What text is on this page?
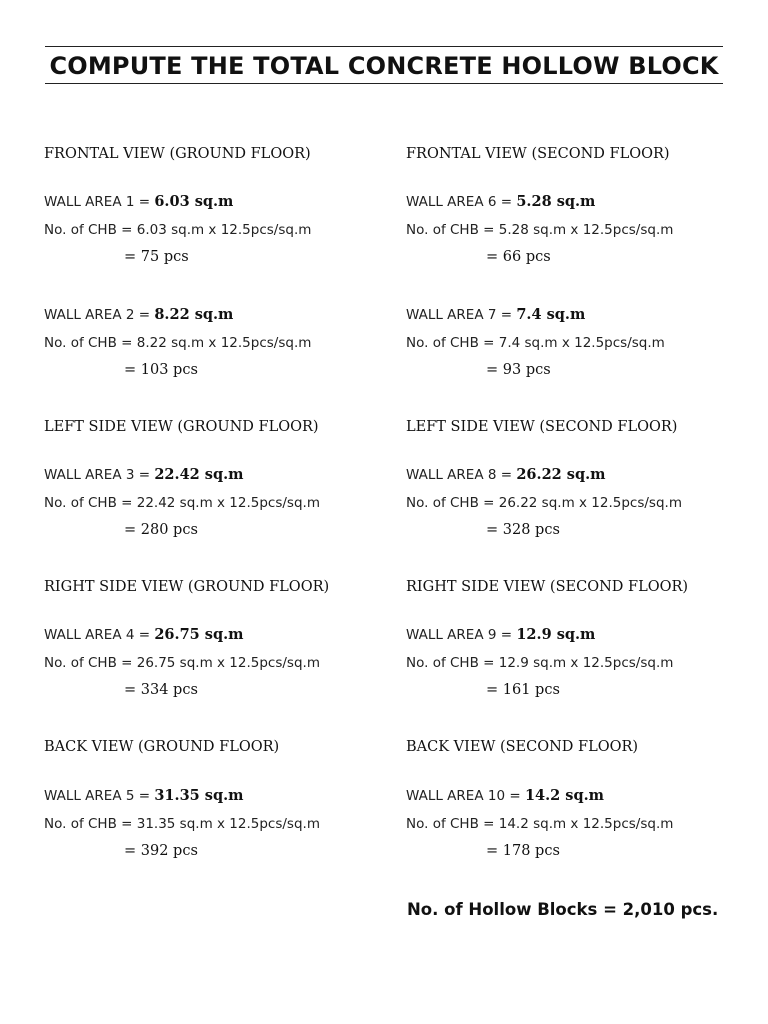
COMPUTE THE TOTAL CONCRETE HOLLOW BLOCK
FRONTAL VIEW (GROUND FLOOR)
WALL AREA 1 = 6.03 sq.m
No. of CHB = 6.03 sq.m x 12.5pcs/sq.m
= 75 pcs
WALL AREA 2 = 8.22 sq.m
No. of CHB = 8.22 sq.m x 12.5pcs/sq.m
= 103 pcs
LEFT SIDE VIEW (GROUND FLOOR)
WALL AREA 3 = 22.42 sq.m
No. of CHB = 22.42 sq.m x 12.5pcs/sq.m
= 280 pcs
RIGHT SIDE VIEW (GROUND FLOOR)
WALL AREA 4 = 26.75 sq.m
No. of CHB = 26.75 sq.m x 12.5pcs/sq.m
= 334 pcs
BACK VIEW (GROUND FLOOR)
WALL AREA 5 = 31.35 sq.m
No. of CHB = 31.35 sq.m x 12.5pcs/sq.m
= 392 pcs
FRONTAL VIEW (SECOND FLOOR)
WALL AREA 6 = 5.28 sq.m
No. of CHB = 5.28 sq.m x 12.5pcs/sq.m
= 66 pcs
WALL AREA 7 = 7.4 sq.m
No. of CHB = 7.4 sq.m x 12.5pcs/sq.m
= 93 pcs
LEFT SIDE VIEW (SECOND FLOOR)
WALL AREA 8 = 26.22 sq.m
No. of CHB = 26.22 sq.m x 12.5pcs/sq.m
= 328 pcs
RIGHT SIDE VIEW (SECOND FLOOR)
WALL AREA 9 = 12.9 sq.m
No. of CHB = 12.9 sq.m x 12.5pcs/sq.m
= 161 pcs
BACK VIEW (SECOND FLOOR)
WALL AREA 10 = 14.2 sq.m
No. of CHB = 14.2 sq.m x 12.5pcs/sq.m
= 178 pcs
No. of Hollow Blocks = 2,010 pcs.
